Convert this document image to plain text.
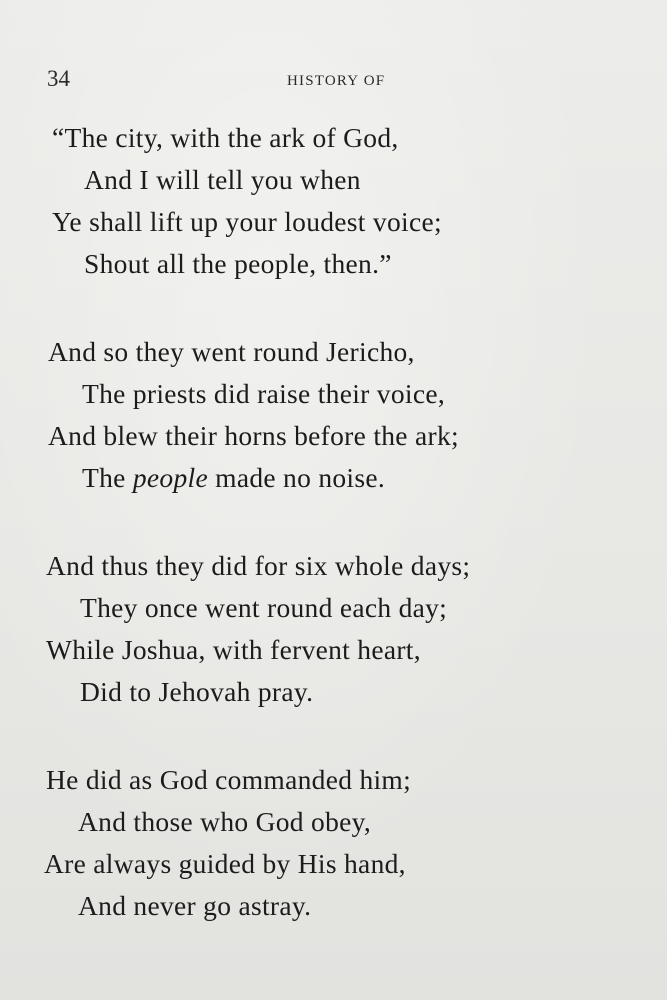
34	HISTORY OF
“The city, with the ark of God,
And I will tell you when
Ye shall lift up your loudest voice;
Shout all the people, then.”
And so they went round Jericho,
The priests did raise their voice,
And blew their horns before the ark;
The people made no noise.
And thus they did for six whole days;
They once went round each day;
While Joshua, with fervent heart,
Did to Jehovah pray.
He did as God commanded him;
And those who God obey,
Are always guided by His hand,
And never go astray.
